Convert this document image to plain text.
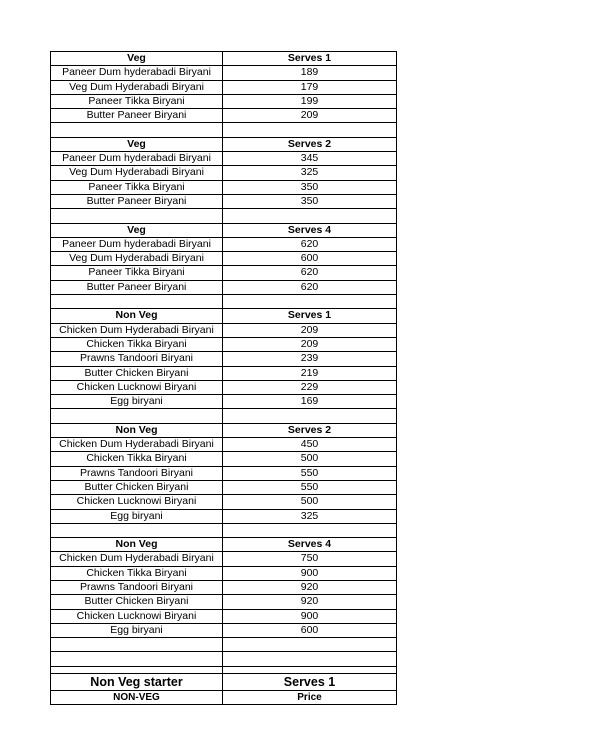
Veg	Serves 1
Paneer Dum hyderabadi Biryani	189
Veg Dum Hyderabadi Biryani	179
Paneer Tikka Biryani	199
Butter Paneer Biryani	209

Veg	Serves 2
Paneer Dum hyderabadi Biryani	345
Veg Dum Hyderabadi Biryani	325
Paneer Tikka Biryani	350
Butter Paneer Biryani	350

Veg	Serves 4
Paneer Dum hyderabadi Biryani	620
Veg Dum Hyderabadi Biryani	600
Paneer Tikka Biryani	620
Butter Paneer Biryani	620

Non Veg	Serves 1
Chicken Dum Hyderabadi Biryani	209
Chicken Tikka Biryani	209
Prawns Tandoori Biryani	239
Butter Chicken Biryani	219
Chicken Lucknowi Biryani	229
Egg biryani	169

Non Veg	Serves 2
Chicken Dum Hyderabadi Biryani	450
Chicken Tikka Biryani	500
Prawns Tandoori Biryani	550
Butter Chicken Biryani	550
Chicken Lucknowi Biryani	500
Egg biryani	325

Non Veg	Serves 4
Chicken Dum Hyderabadi Biryani	750
Chicken Tikka Biryani	900
Prawns Tandoori Biryani	920
Butter Chicken Biryani	920
Chicken Lucknowi Biryani	900
Egg biryani	600

Non Veg starter	Serves 1
NON-VEG	Price
